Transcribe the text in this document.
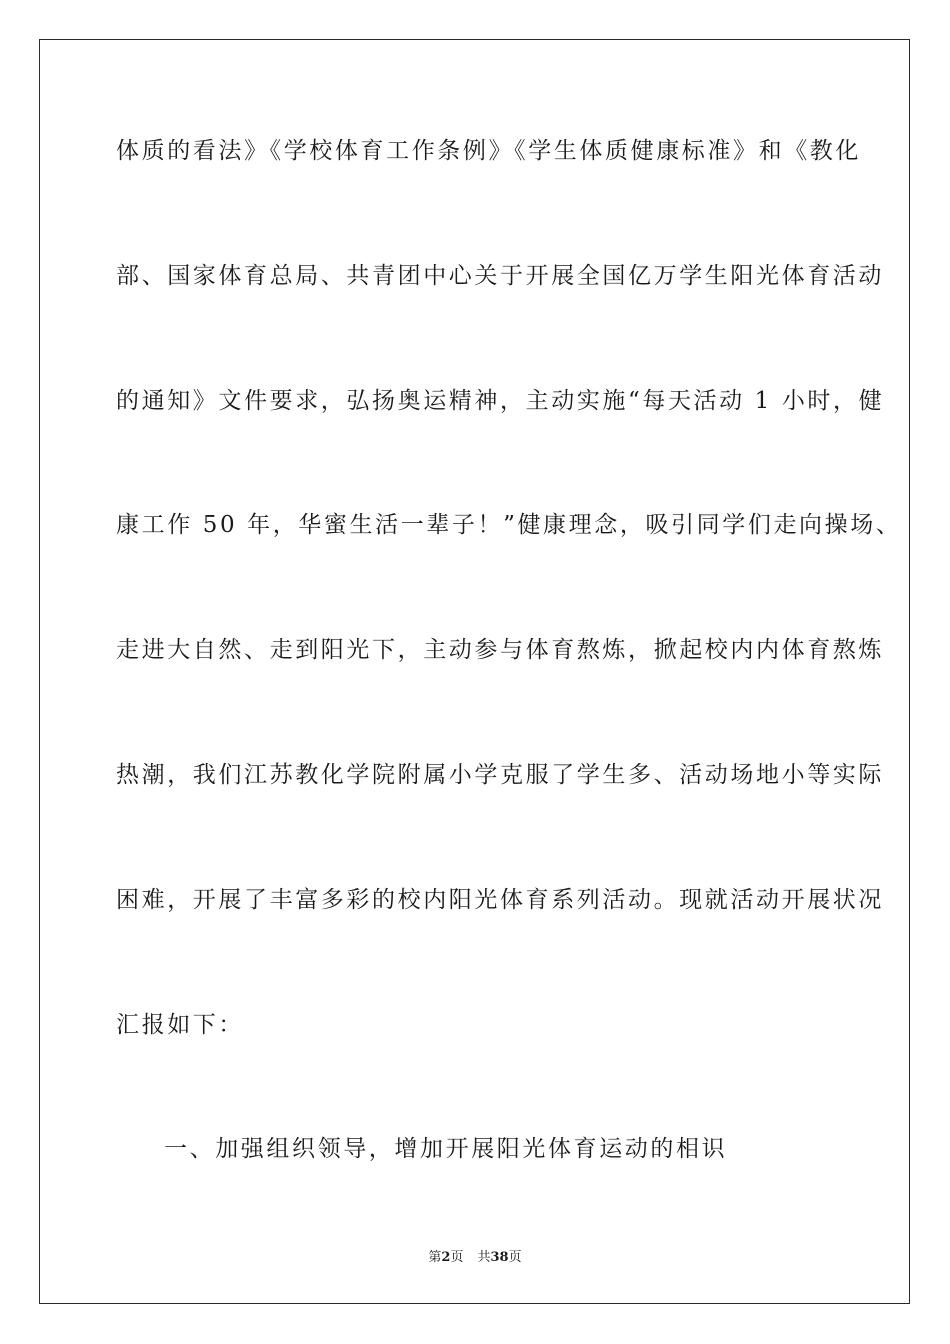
体质的看法》《学校体育工作条例》《学生体质健康标准》和《教化
部、国家体育总局、共青团中心关于开展全国亿万学生阳光体育活动
的通知》文件要求，弘扬奥运精神，主动实施“每天活动 1 小时，健
康工作 50 年，华蜜生活一辈子！”健康理念，吸引同学们走向操场、
走进大自然、走到阳光下，主动参与体育熬炼，掀起校内内体育熬炼
热潮，我们江苏教化学院附属小学克服了学生多、活动场地小等实际
困难，开展了丰富多彩的校内阳光体育系列活动。现就活动开展状况
汇报如下：
一、加强组织领导，增加开展阳光体育运动的相识
第2页 共38页
